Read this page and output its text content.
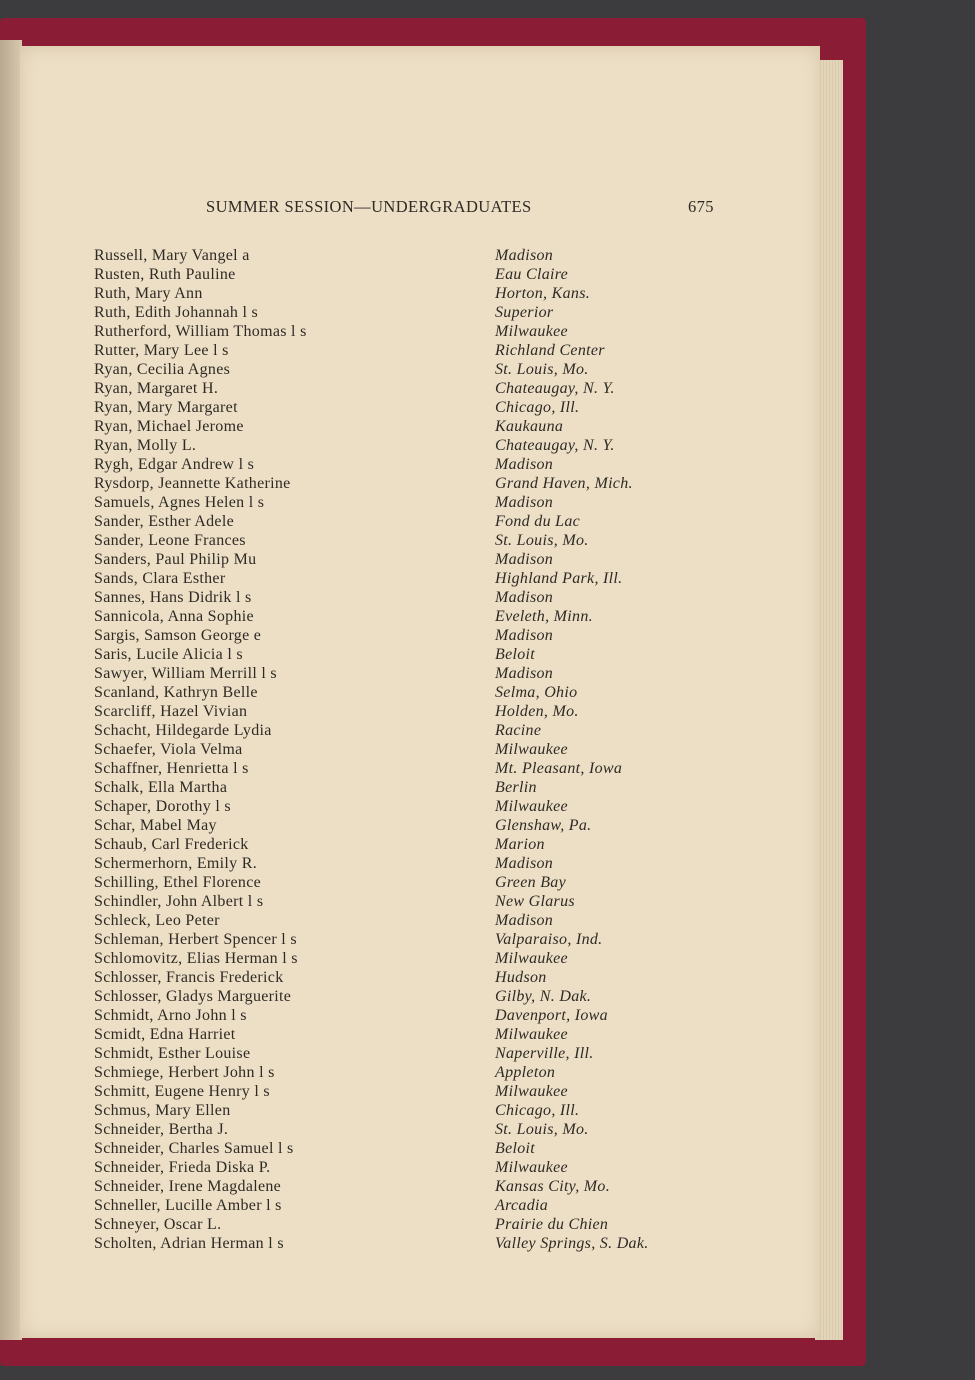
SUMMER SESSION—UNDERGRADUATES	675
Russell, Mary Vangel a	Madison
Rusten, Ruth Pauline	Eau Claire
Ruth, Mary Ann	Horton, Kans.
Ruth, Edith Johannah l s	Superior
Rutherford, William Thomas l s	Milwaukee
Rutter, Mary Lee l s	Richland Center
Ryan, Cecilia Agnes	St. Louis, Mo.
Ryan, Margaret H.	Chateaugay, N. Y.
Ryan, Mary Margaret	Chicago, Ill.
Ryan, Michael Jerome	Kaukauna
Ryan, Molly L.	Chateaugay, N. Y.
Rygh, Edgar Andrew l s	Madison
Rysdorp, Jeannette Katherine	Grand Haven, Mich.
Samuels, Agnes Helen l s	Madison
Sander, Esther Adele	Fond du Lac
Sander, Leone Frances	St. Louis, Mo.
Sanders, Paul Philip Mu	Madison
Sands, Clara Esther	Highland Park, Ill.
Sannes, Hans Didrik l s	Madison
Sannicola, Anna Sophie	Eveleth, Minn.
Sargis, Samson George e	Madison
Saris, Lucile Alicia l s	Beloit
Sawyer, William Merrill l s	Madison
Scanland, Kathryn Belle	Selma, Ohio
Scarcliff, Hazel Vivian	Holden, Mo.
Schacht, Hildegarde Lydia	Racine
Schaefer, Viola Velma	Milwaukee
Schaffner, Henrietta l s	Mt. Pleasant, Iowa
Schalk, Ella Martha	Berlin
Schaper, Dorothy l s	Milwaukee
Schar, Mabel May	Glenshaw, Pa.
Schaub, Carl Frederick	Marion
Schermerhorn, Emily R.	Madison
Schilling, Ethel Florence	Green Bay
Schindler, John Albert l s	New Glarus
Schleck, Leo Peter	Madison
Schleman, Herbert Spencer l s	Valparaiso, Ind.
Schlomovitz, Elias Herman l s	Milwaukee
Schlosser, Francis Frederick	Hudson
Schlosser, Gladys Marguerite	Gilby, N. Dak.
Schmidt, Arno John l s	Davenport, Iowa
Scmidt, Edna Harriet	Milwaukee
Schmidt, Esther Louise	Naperville, Ill.
Schmiege, Herbert John l s	Appleton
Schmitt, Eugene Henry l s	Milwaukee
Schmus, Mary Ellen	Chicago, Ill.
Schneider, Bertha J.	St. Louis, Mo.
Schneider, Charles Samuel l s	Beloit
Schneider, Frieda Diska P.	Milwaukee
Schneider, Irene Magdalene	Kansas City, Mo.
Schneller, Lucille Amber l s	Arcadia
Schneyer, Oscar L.	Prairie du Chien
Scholten, Adrian Herman l s	Valley Springs, S. Dak.
